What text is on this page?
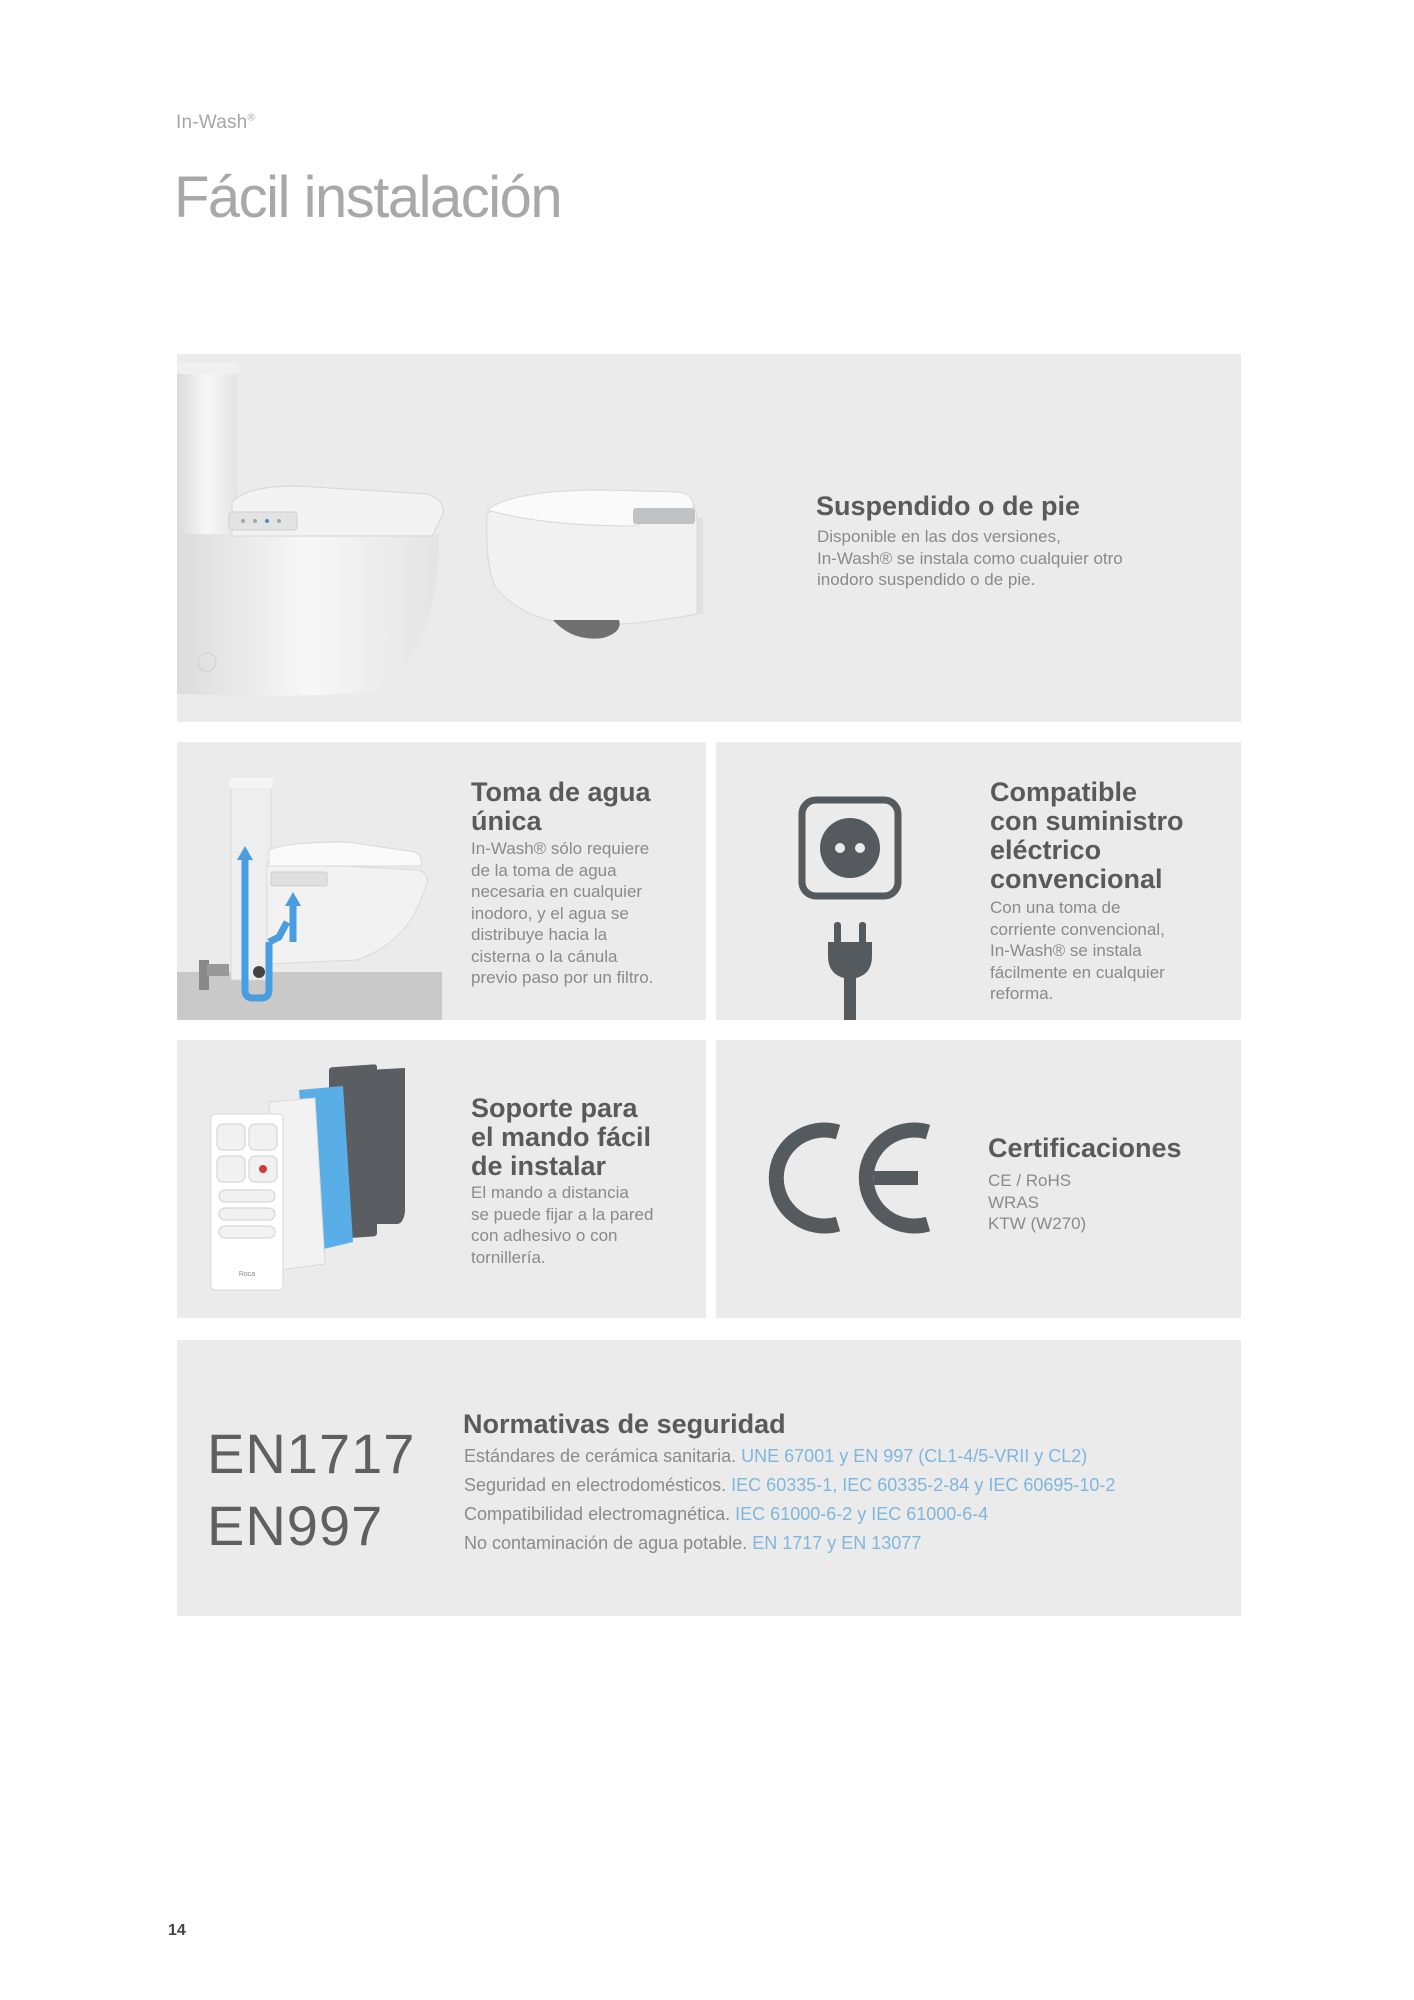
In-Wash®
Fácil instalación
Suspendido o de pie
Disponible en las dos versiones,
In-Wash® se instala como cualquier otro
inodoro suspendido o de pie.
Toma de agua
única
In-Wash® sólo requiere
de la toma de agua
necesaria en cualquier
inodoro, y el agua se
distribuye hacia la
cisterna o la cánula
previo paso por un filtro.
Compatible
con suministro
eléctrico
convencional
Con una toma de
corriente convencional,
In-Wash® se instala
fácilmente en cualquier
reforma.
Roca
Soporte para
el mando fácil
de instalar
El mando a distancia
se puede fijar a la pared
con adhesivo o con
tornillería.
Certificaciones
CE / RoHS
WRAS
KTW (W270)
EN1717
EN997
Normativas de seguridad
Estándares de cerámica sanitaria. UNE 67001 y EN 997 (CL1-4/5-VRII y CL2)
Seguridad en electrodomésticos. IEC 60335-1, IEC 60335-2-84 y IEC 60695-10-2
Compatibilidad electromagnética. IEC 61000-6-2 y IEC 61000-6-4
No contaminación de agua potable. EN 1717 y EN 13077
14
